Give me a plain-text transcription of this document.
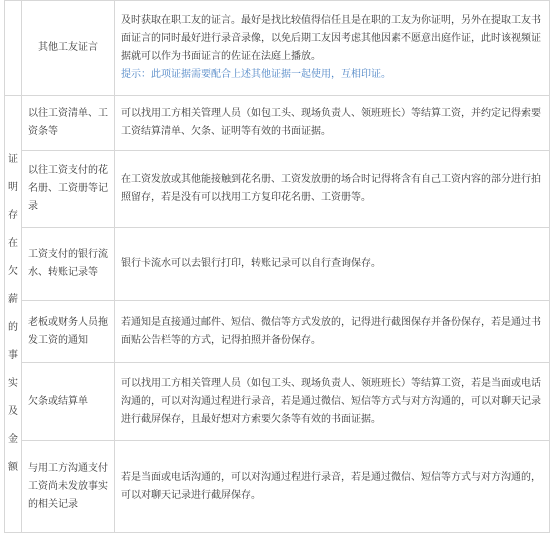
	其他工友证言	及时获取在职工友的证言。最好是找比较值得信任且是在职的工友为你证明，另外在提取工友书面证言的同时最好进行录音录像，以免后期工友因考虑其他因素不愿意出庭作证，此时该视频证据就可以作为书面证言的佐证在法庭上播放。
提示：此项证据需要配合上述其他证据一起使用，互相印证。

证明存在欠薪的事实及金额	以往工资清单、工资条等	可以找用工方相关管理人员（如包工头、现场负责人、领班班长）等结算工资，并约定记得索要工资结算清单、欠条、证明等有效的书面证据。
	以往工资支付的花名册、工资册等记录	在工资发放或其他能接触到花名册、工资发放册的场合时记得将含有自己工资内容的部分进行拍照留存，若是没有可以找用工方复印花名册、工资册等。
	工资支付的银行流水、转账记录等	银行卡流水可以去银行打印，转账记录可以自行查询保存。
	老板或财务人员拖发工资的通知	若通知是直接通过邮件、短信、微信等方式发放的，记得进行截图保存并备份保存，若是通过书面贴公告栏等的方式，记得拍照并备份保存。
	欠条或结算单	可以找用工方相关管理人员（如包工头、现场负责人、领班班长）等结算工资，若是当面或电话沟通的，可以对沟通过程进行录音，若是通过微信、短信等方式与对方沟通的，可以对聊天记录进行截屏保存，且最好想对方索要欠条等有效的书面证据。
	与用工方沟通支付工资尚未发放事实的相关记录	若是当面或电话沟通的，可以对沟通过程进行录音，若是通过微信、短信等方式与对方沟通的，可以对聊天记录进行截屏保存。
